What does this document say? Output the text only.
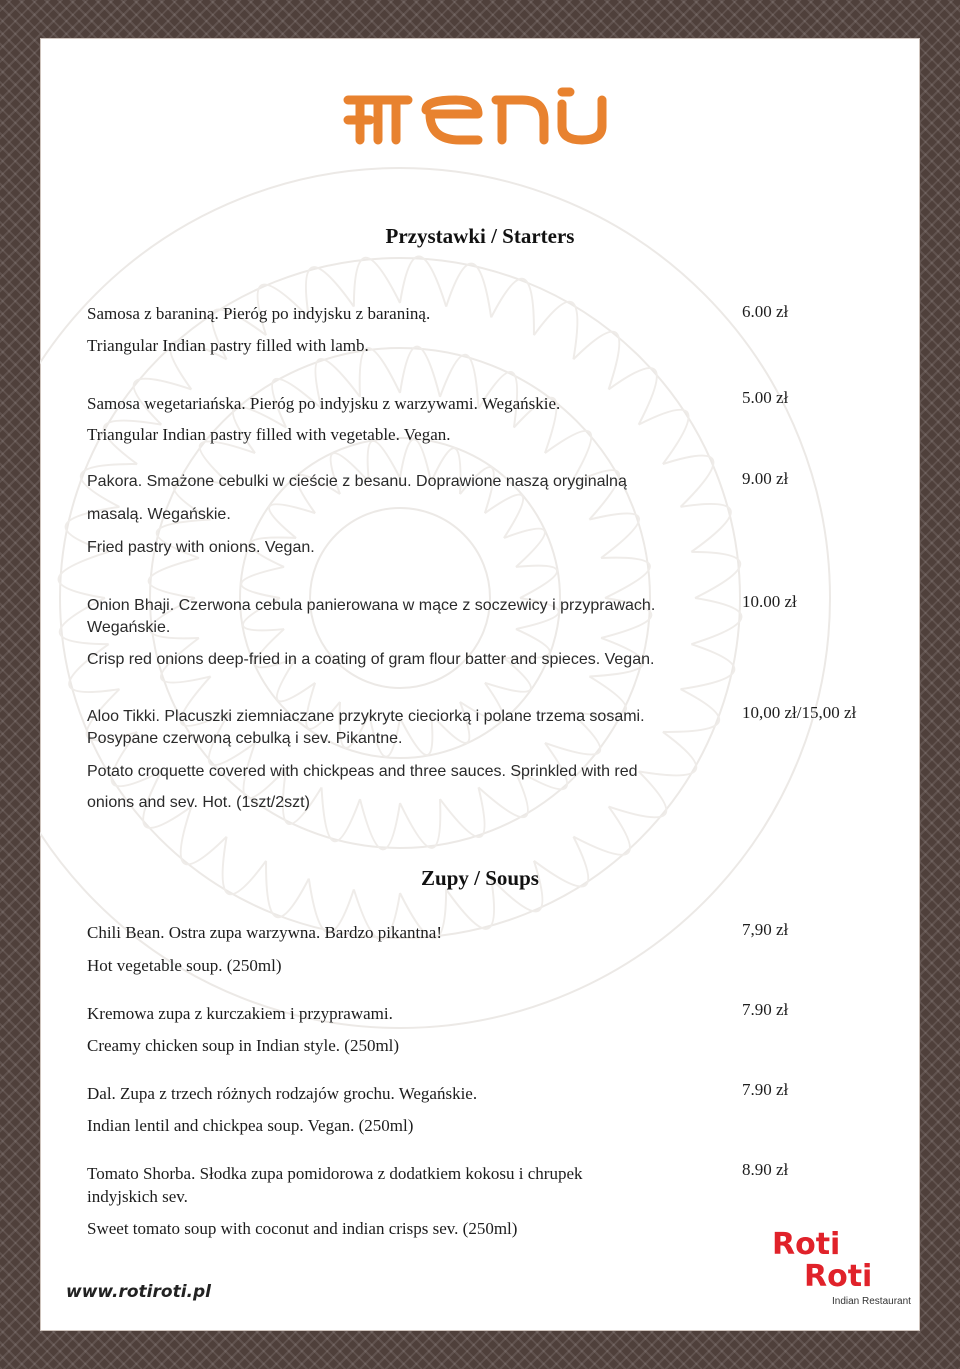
MENU
Przystawki / Starters
Samosa z baraniną. Pieróg po indyjsku z baraniną.
Triangular Indian pastry filled with lamb.
6.00 zł
Samosa wegetariańska. Pieróg po indyjsku z warzywami. Wegańskie.
Triangular Indian pastry filled with vegetable. Vegan.
5.00 zł
Pakora. Smażone cebulki w cieście z besanu. Doprawione naszą oryginalną
masalą. Wegańskie.
Fried pastry with onions. Vegan.
9.00 zł
Onion Bhaji. Czerwona cebula panierowana w mące z soczewicy i przyprawach.
Wegańskie.
Crisp red onions deep-fried in a coating of gram flour batter and spieces. Vegan.
10.00 zł
Aloo Tikki. Placuszki ziemniaczane przykryte cieciorką i polane trzema sosami.
Posypane czerwoną cebulką i sev. Pikantne.
Potato croquette covered with chickpeas and three sauces. Sprinkled with red
onions and sev. Hot. (1szt/2szt)
10,00 zł/15,00 zł
Zupy / Soups
Chili Bean. Ostra zupa warzywna. Bardzo pikantna!
Hot vegetable soup. (250ml)
7,90 zł
Kremowa zupa z kurczakiem i przyprawami.
Creamy chicken soup in Indian style. (250ml)
7.90 zł
Dal. Zupa z trzech różnych rodzajów grochu. Wegańskie.
Indian lentil and chickpea soup. Vegan. (250ml)
7.90 zł
Tomato Shorba. Słodka zupa pomidorowa z dodatkiem kokosu i chrupek
indyjskich sev.
Sweet tomato soup with coconut and indian crisps sev. (250ml)
8.90 zł
www.rotiroti.pl
Roti
Roti
Indian Restaurant
